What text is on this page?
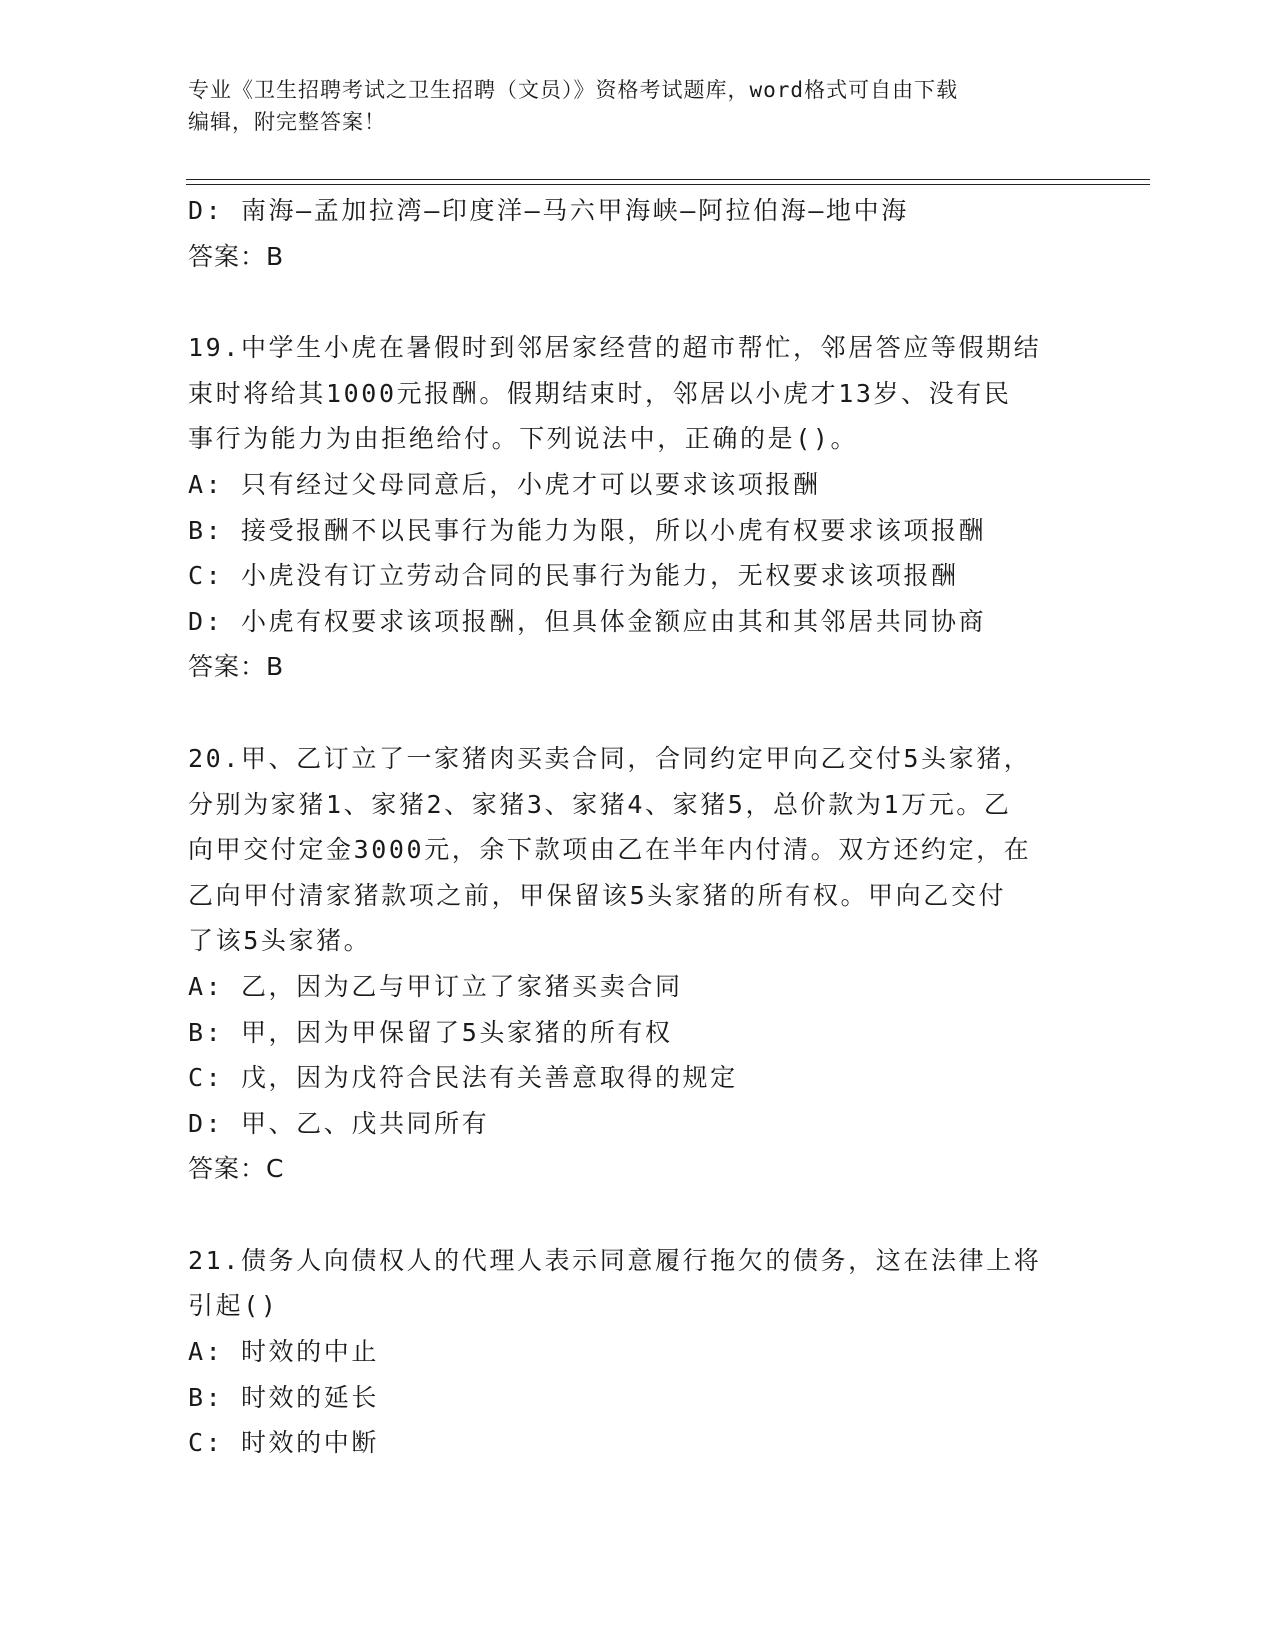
专业《卫生招聘考试之卫生招聘（文员）》资格考试题库，word格式可自由下载
编辑，附完整答案！
D: 南海—孟加拉湾—印度洋—马六甲海峡—阿拉伯海—地中海
答案：B
19.中学生小虎在暑假时到邻居家经营的超市帮忙，邻居答应等假期结
束时将给其1000元报酬。假期结束时，邻居以小虎才13岁、没有民
事行为能力为由拒绝给付。下列说法中，正确的是()。
A: 只有经过父母同意后，小虎才可以要求该项报酬
B: 接受报酬不以民事行为能力为限，所以小虎有权要求该项报酬
C: 小虎没有订立劳动合同的民事行为能力，无权要求该项报酬
D: 小虎有权要求该项报酬，但具体金额应由其和其邻居共同协商
答案：B
20.甲、乙订立了一家猪肉买卖合同，合同约定甲向乙交付5头家猪，
分别为家猪1、家猪2、家猪3、家猪4、家猪5，总价款为1万元。乙
向甲交付定金3000元，余下款项由乙在半年内付清。双方还约定，在
乙向甲付清家猪款项之前，甲保留该5头家猪的所有权。甲向乙交付
了该5头家猪。
A: 乙，因为乙与甲订立了家猪买卖合同
B: 甲，因为甲保留了5头家猪的所有权
C: 戊，因为戊符合民法有关善意取得的规定
D: 甲、乙、戊共同所有
答案：C
21.债务人向债权人的代理人表示同意履行拖欠的债务，这在法律上将
引起()
A: 时效的中止
B: 时效的延长
C: 时效的中断
